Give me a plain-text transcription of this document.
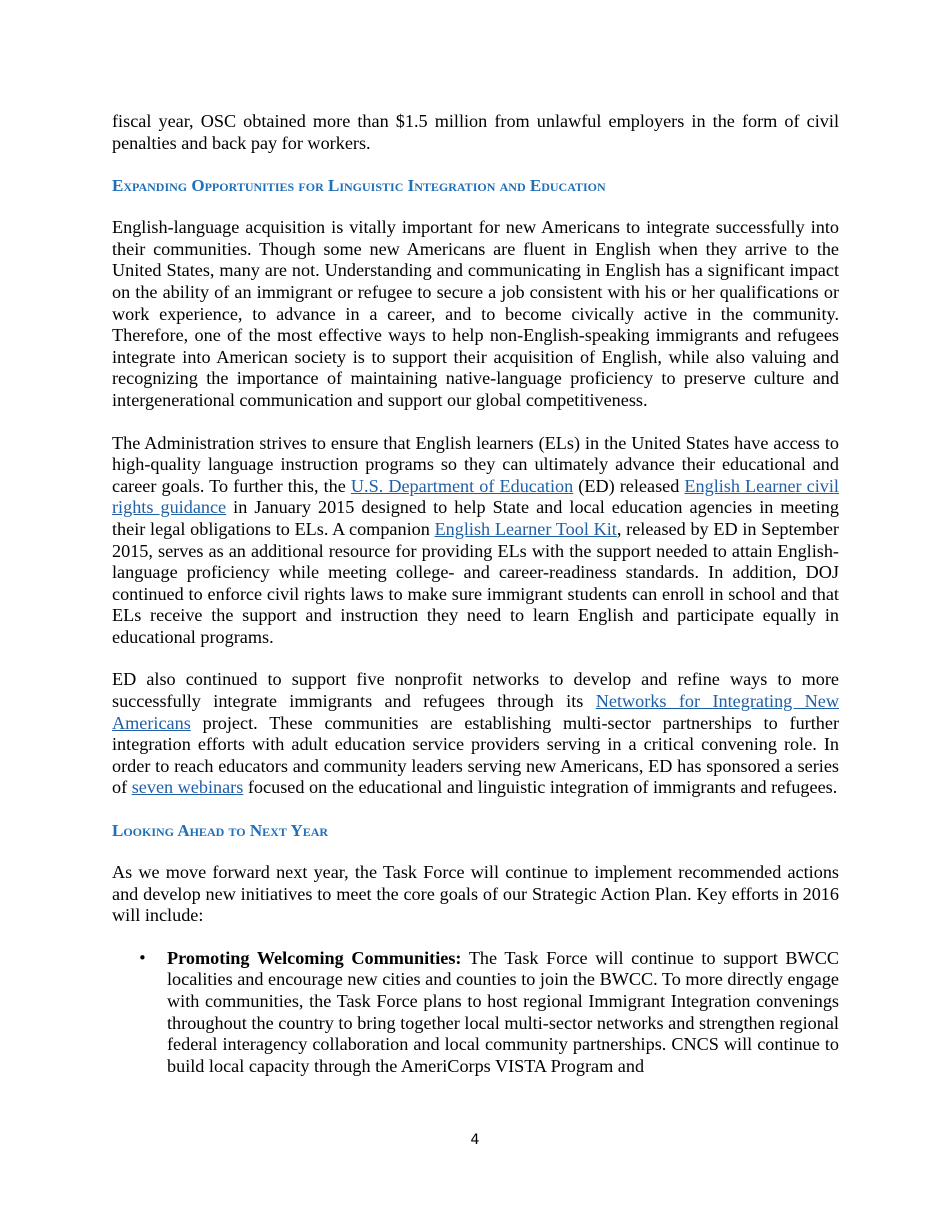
fiscal year, OSC obtained more than $1.5 million from unlawful employers in the form of civil penalties and back pay for workers.

Expanding Opportunities for Linguistic Integration and Education

English-language acquisition is vitally important for new Americans to integrate successfully into their communities. Though some new Americans are fluent in English when they arrive to the United States, many are not. Understanding and communicating in English has a significant impact on the ability of an immigrant or refugee to secure a job consistent with his or her qualifications or work experience, to advance in a career, and to become civically active in the community. Therefore, one of the most effective ways to help non-English-speaking immigrants and refugees integrate into American society is to support their acquisition of English, while also valuing and recognizing the importance of maintaining native-language proficiency to preserve culture and intergenerational communication and support our global competitiveness.

The Administration strives to ensure that English learners (ELs) in the United States have access to high-quality language instruction programs so they can ultimately advance their educational and career goals. To further this, the U.S. Department of Education (ED) released English Learner civil rights guidance in January 2015 designed to help State and local education agencies in meeting their legal obligations to ELs. A companion English Learner Tool Kit, released by ED in September 2015, serves as an additional resource for providing ELs with the support needed to attain English-language proficiency while meeting college- and career-readiness standards. In addition, DOJ continued to enforce civil rights laws to make sure immigrant students can enroll in school and that ELs receive the support and instruction they need to learn English and participate equally in educational programs.

ED also continued to support five nonprofit networks to develop and refine ways to more successfully integrate immigrants and refugees through its Networks for Integrating New Americans project. These communities are establishing multi-sector partnerships to further integration efforts with adult education service providers serving in a critical convening role. In order to reach educators and community leaders serving new Americans, ED has sponsored a series of seven webinars focused on the educational and linguistic integration of immigrants and refugees.

Looking Ahead to Next Year

As we move forward next year, the Task Force will continue to implement recommended actions and develop new initiatives to meet the core goals of our Strategic Action Plan. Key efforts in 2016 will include:

• Promoting Welcoming Communities: The Task Force will continue to support BWCC localities and encourage new cities and counties to join the BWCC. To more directly engage with communities, the Task Force plans to host regional Immigrant Integration convenings throughout the country to bring together local multi-sector networks and strengthen regional federal interagency collaboration and local community partnerships. CNCS will continue to build local capacity through the AmeriCorps VISTA Program and
4
